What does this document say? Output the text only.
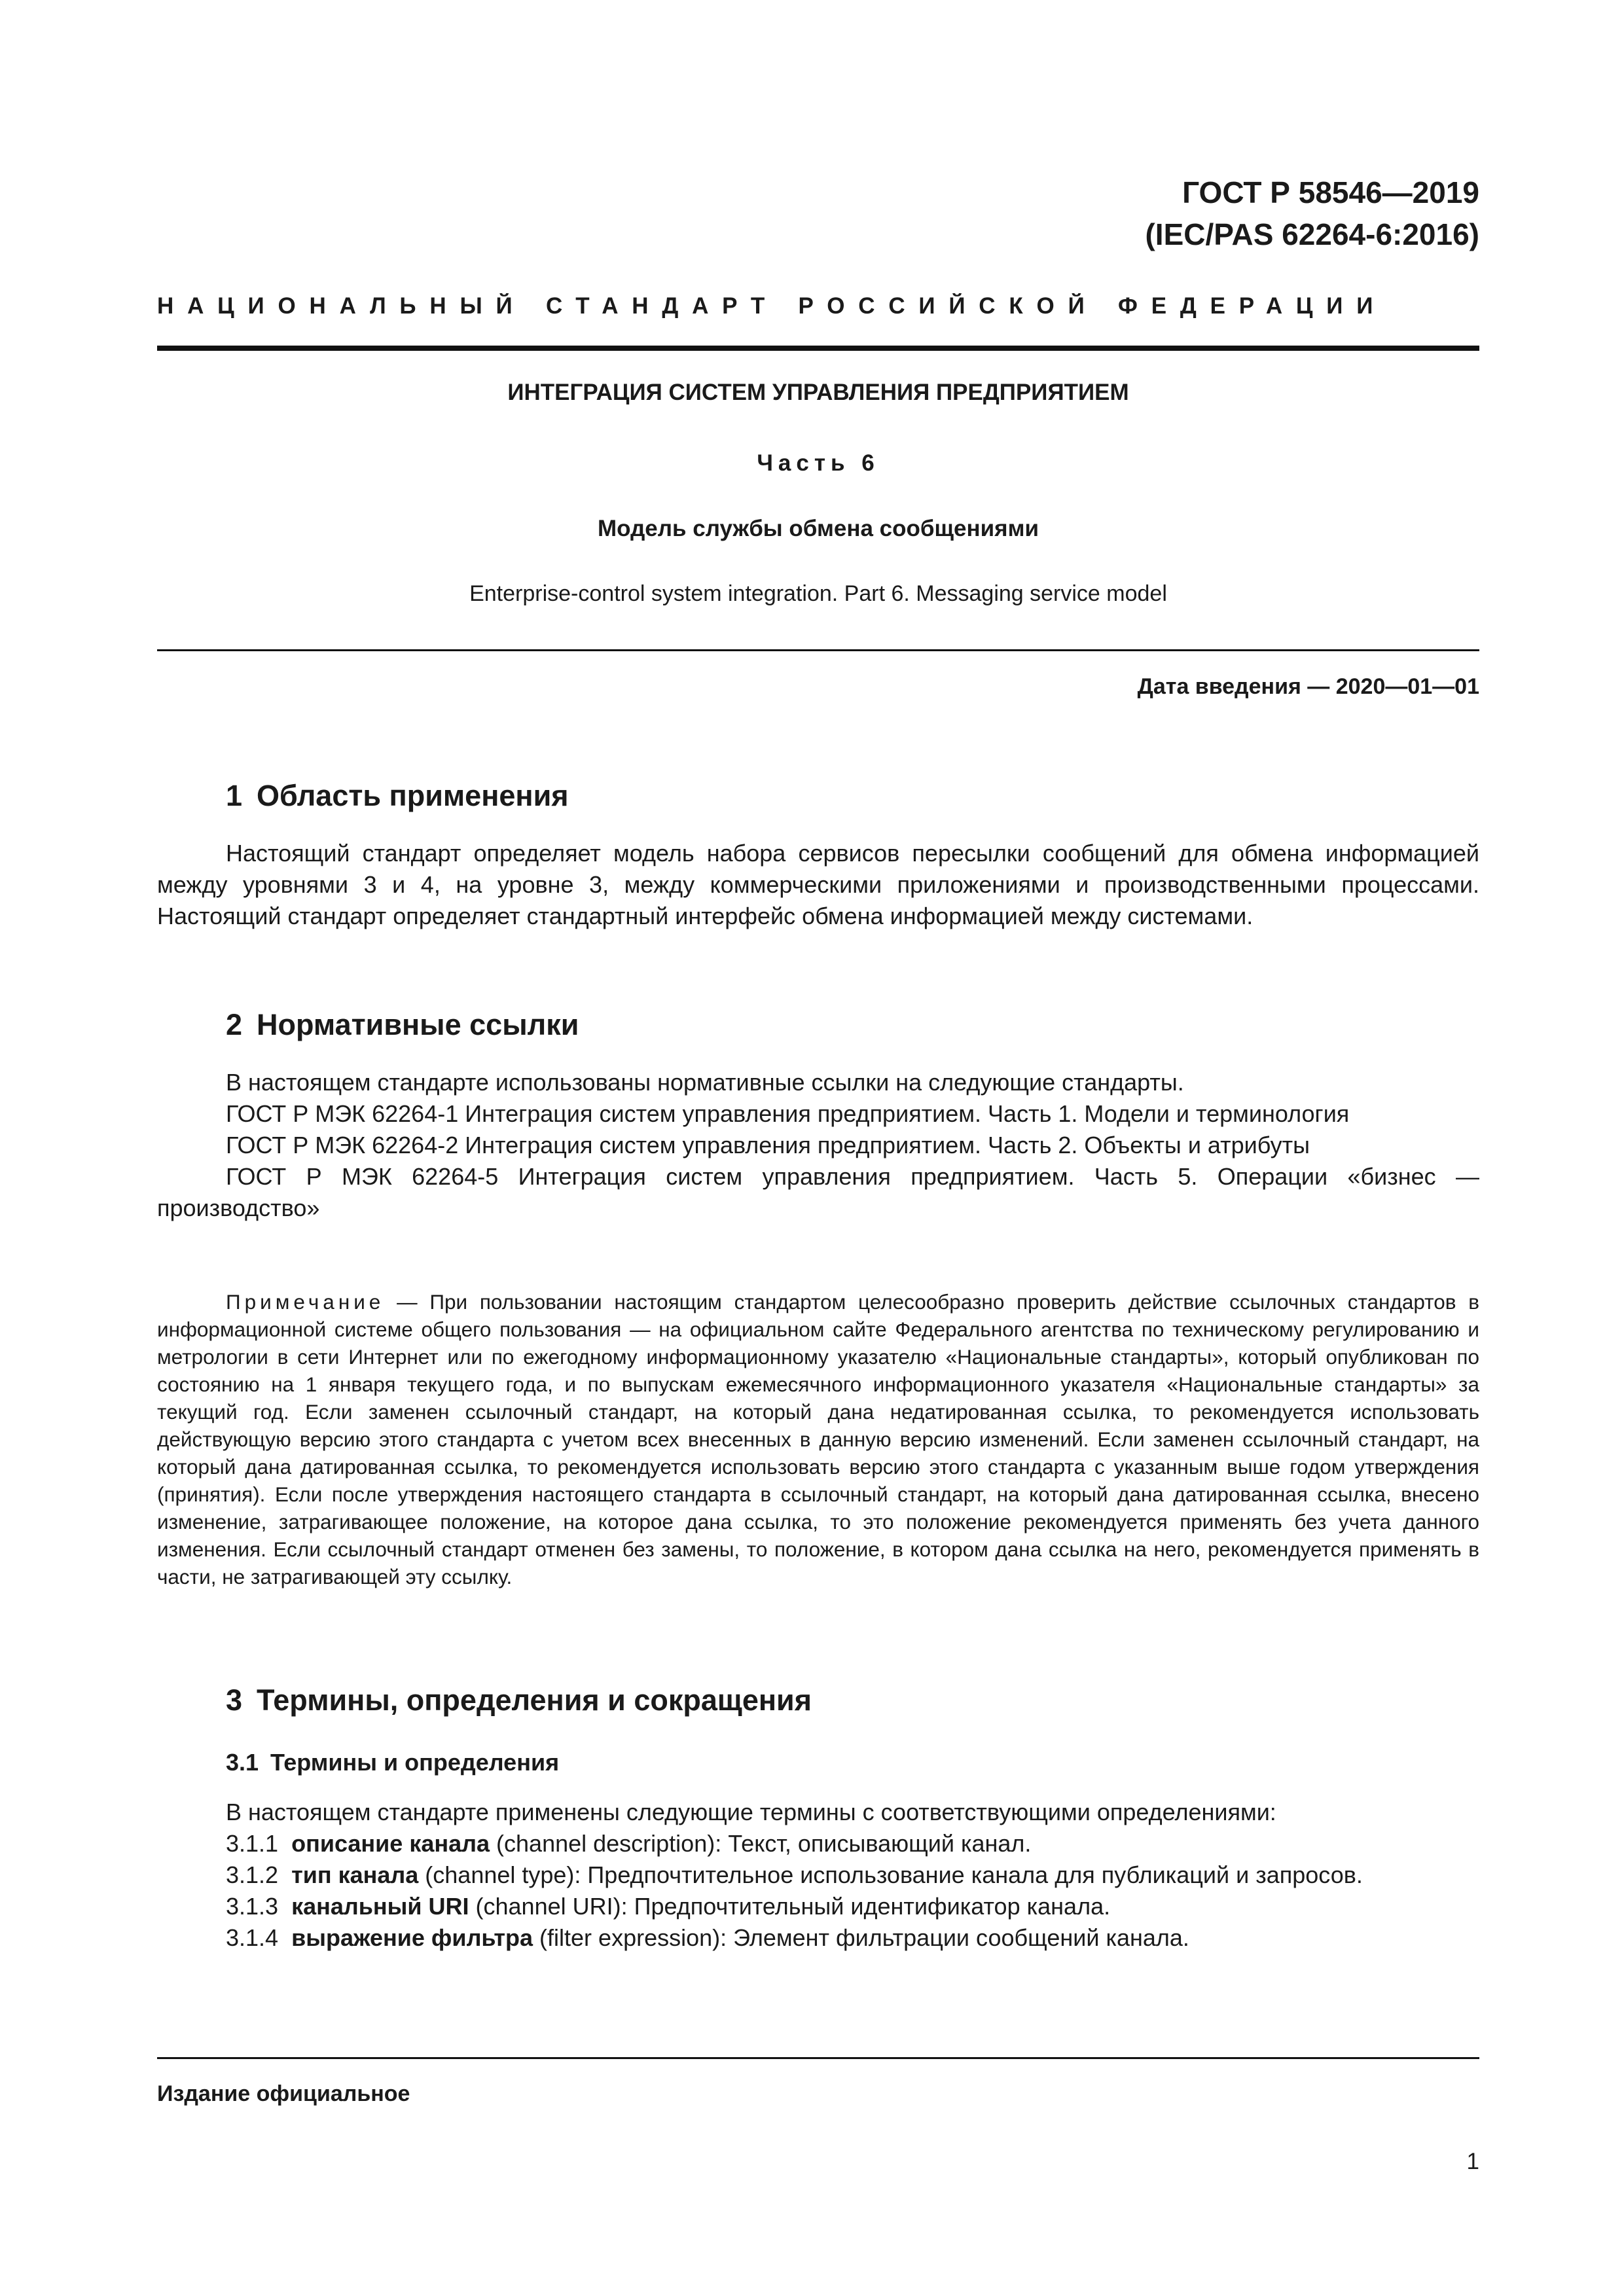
ГОСТ Р 58546—2019
(IEC/PAS 62264-6:2016)
НАЦИОНАЛЬНЫЙ СТАНДАРТ РОССИЙСКОЙ ФЕДЕРАЦИИ
ИНТЕГРАЦИЯ СИСТЕМ УПРАВЛЕНИЯ ПРЕДПРИЯТИЕМ
Часть 6
Модель службы обмена сообщениями
Enterprise-control system integration. Part 6. Messaging service model
Дата введения — 2020—01—01
1 Область применения

Настоящий стандарт определяет модель набора сервисов пересылки сообщений для обмена информацией между уровнями 3 и 4, на уровне 3, между коммерческими приложениями и производственными процессами. Настоящий стандарт определяет стандартный интерфейс обмена информацией между системами.

2 Нормативные ссылки

В настоящем стандарте использованы нормативные ссылки на следующие стандарты.

ГОСТ Р МЭК 62264-1 Интеграция систем управления предприятием. Часть 1. Модели и терминология

ГОСТ Р МЭК 62264-2 Интеграция систем управления предприятием. Часть 2. Объекты и атрибуты

ГОСТ Р МЭК 62264-5 Интеграция систем управления предприятием. Часть 5. Операции «бизнес — производство»

Примечание — При пользовании настоящим стандартом целесообразно проверить действие ссылочных стандартов в информационной системе общего пользования — на официальном сайте Федерального агентства по техническому регулированию и метрологии в сети Интернет или по ежегодному информационному указателю «Национальные стандарты», который опубликован по состоянию на 1 января текущего года, и по выпускам ежемесячного информационного указателя «Национальные стандарты» за текущий год. Если заменен ссылочный стандарт, на который дана недатированная ссылка, то рекомендуется использовать действующую версию этого стандарта с учетом всех внесенных в данную версию изменений. Если заменен ссылочный стандарт, на который дана датированная ссылка, то рекомендуется использовать версию этого стандарта с указанным выше годом утверждения (принятия). Если после утверждения настоящего стандарта в ссылочный стандарт, на который дана датированная ссылка, внесено изменение, затрагивающее положение, на которое дана ссылка, то это положение рекомендуется применять без учета данного изменения. Если ссылочный стандарт отменен без замены, то положение, в котором дана ссылка на него, рекомендуется применять в части, не затрагивающей эту ссылку.

3 Термины, определения и сокращения
3.1 Термины и определения

В настоящем стандарте применены следующие термины с соответствующими определениями:

3.1.1 описание канала (channel description): Текст, описывающий канал.

3.1.2 тип канала (channel type): Предпочтительное использование канала для публикаций и запросов.

3.1.3 канальный URI (channel URI): Предпочтительный идентификатор канала.

3.1.4 выражение фильтра (filter expression): Элемент фильтрации сообщений канала.

Издание официальное
1
